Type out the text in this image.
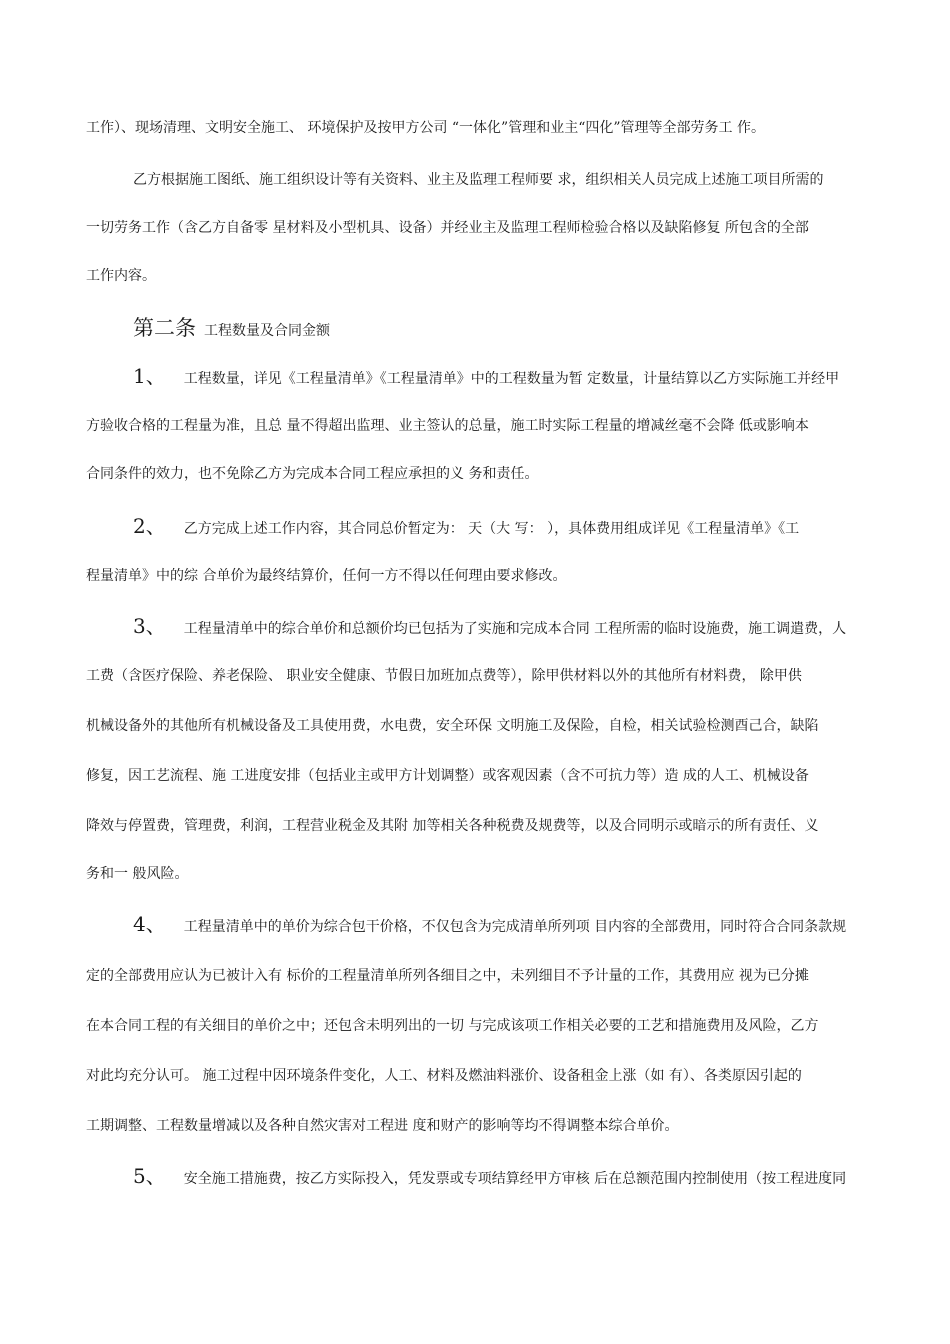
工作）、现场清理、文明安全施工、 环境保护及按甲方公司 “一体化”管理和业主“四化”管理等全部劳务工 作。
乙方根据施工图纸、施工组织设计等有关资料、业主及监理工程师要 求，组织相关人员完成上述施工项目所需的
一切劳务工作（含乙方自备零 星材料及小型机具、设备）并经业主及监理工程师检验合格以及缺陷修复 所包含的全部
工作内容。
第二条 工程数量及合同金额
1、 工程数量，详见《工程量清单》《工程量清单》中的工程数量为暂 定数量，计量结算以乙方实际施工并经甲
方验收合格的工程量为准，且总 量不得超出监理、业主签认的总量，施工时实际工程量的增减丝毫不会降 低或影响本
合同条件的效力，也不免除乙方为完成本合同工程应承担的义 务和责任。
2、 乙方完成上述工作内容，其合同总价暂定为： 天（大 写： ），具体费用组成详见《工程量清单》《工
程量清单》中的综 合单价为最终结算价，任何一方不得以任何理由要求修改。
3、 工程量清单中的综合单价和总额价均已包括为了实施和完成本合同 工程所需的临时设施费，施工调遣费，人
工费（含医疗保险、养老保险、 职业安全健康、节假日加班加点费等），除甲供材料以外的其他所有材料费， 除甲供
机械设备外的其他所有机械设备及工具使用费，水电费，安全环保 文明施工及保险，自检，相关试验检测酉己合，缺陷
修复，因工艺流程、施 工进度安排（包括业主或甲方计划调整）或客观因素（含不可抗力等）造 成的人工、机械设备
降效与停置费，管理费，利润，工程营业税金及其附 加等相关各种税费及规费等，以及合同明示或暗示的所有责任、义
务和一 般风险。
4、 工程量清单中的单价为综合包干价格，不仅包含为完成清单所列项 目内容的全部费用，同时符合合同条款规
定的全部费用应认为已被计入有 标价的工程量清单所列各细目之中，未列细目不予计量的工作，其费用应 视为已分摊
在本合同工程的有关细目的单价之中；还包含未明列出的一切 与完成该项工作相关必要的工艺和措施费用及风险，乙方
对此均充分认可。 施工过程中因环境条件变化，人工、材料及燃油料涨价、设备租金上涨（如 有）、各类原因引起的
工期调整、工程数量增减以及各种自然灾害对工程进 度和财产的影响等均不得调整本综合单价。
5、 安全施工措施费，按乙方实际投入，凭发票或专项结算经甲方审核 后在总额范围内控制使用（按工程进度同
